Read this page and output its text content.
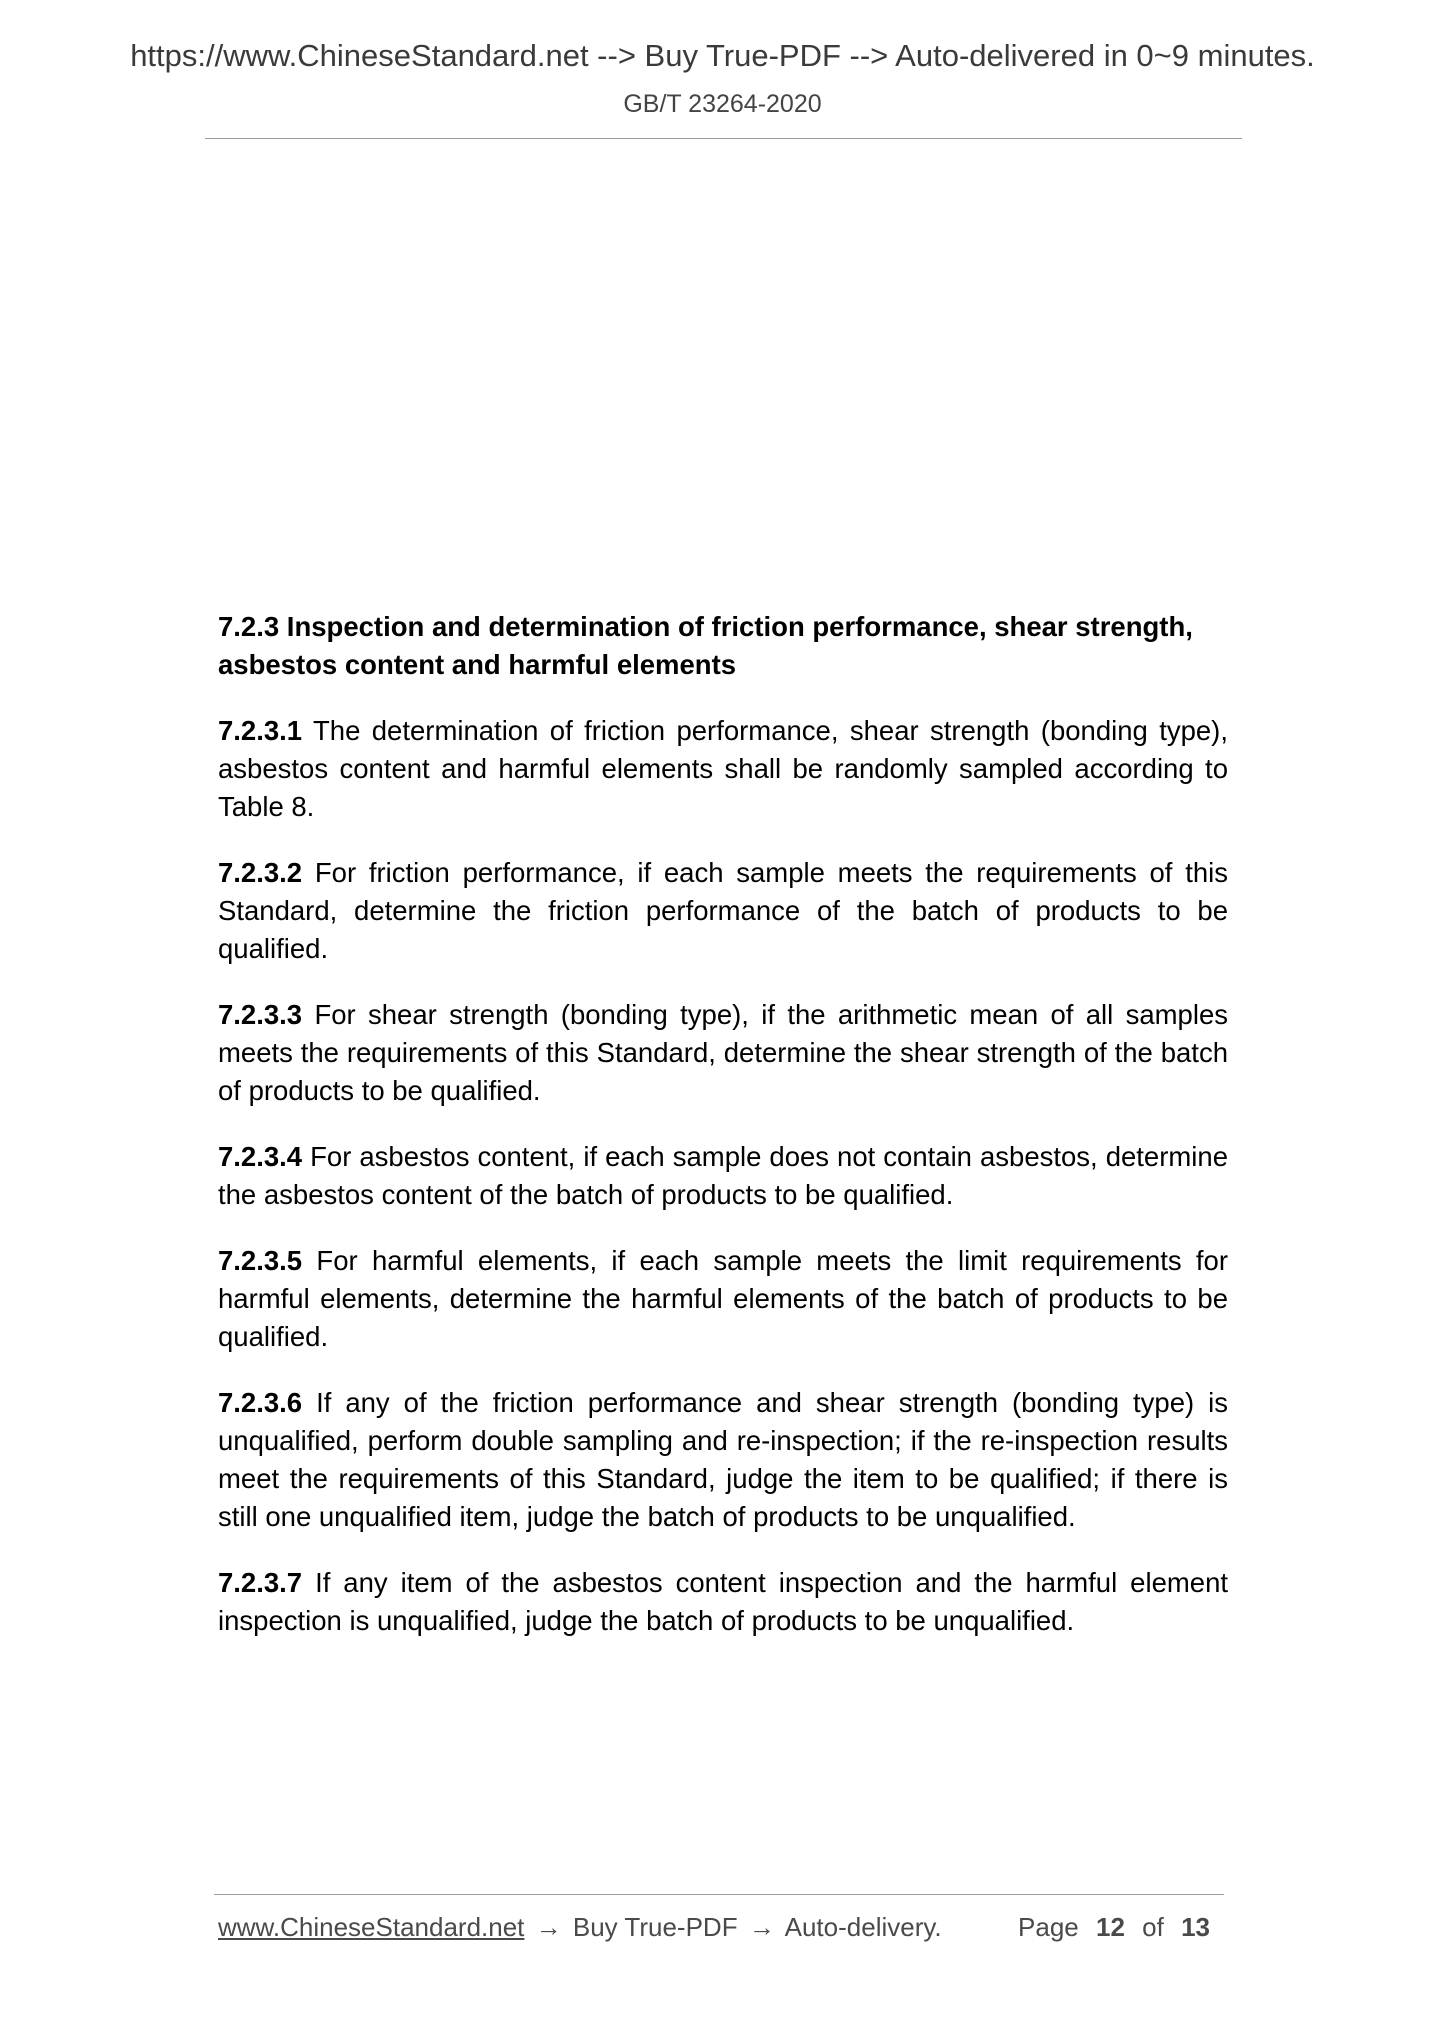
https://www.ChineseStandard.net --> Buy True-PDF --> Auto-delivered in 0~9 minutes.
GB/T 23264-2020

7.2.3 Inspection and determination of friction performance, shear strength, asbestos content and harmful elements

7.2.3.1 The determination of friction performance, shear strength (bonding type), asbestos content and harmful elements shall be randomly sampled according to Table 8.

7.2.3.2 For friction performance, if each sample meets the requirements of this Standard, determine the friction performance of the batch of products to be qualified.

7.2.3.3 For shear strength (bonding type), if the arithmetic mean of all samples meets the requirements of this Standard, determine the shear strength of the batch of products to be qualified.

7.2.3.4 For asbestos content, if each sample does not contain asbestos, determine the asbestos content of the batch of products to be qualified.

7.2.3.5 For harmful elements, if each sample meets the limit requirements for harmful elements, determine the harmful elements of the batch of products to be qualified.

7.2.3.6 If any of the friction performance and shear strength (bonding type) is unqualified, perform double sampling and re-inspection; if the re-inspection results meet the requirements of this Standard, judge the item to be qualified; if there is still one unqualified item, judge the batch of products to be unqualified.

7.2.3.7 If any item of the asbestos content inspection and the harmful element inspection is unqualified, judge the batch of products to be unqualified.

www.ChineseStandard.net → Buy True-PDF → Auto-delivery.	Page 12 of 13
